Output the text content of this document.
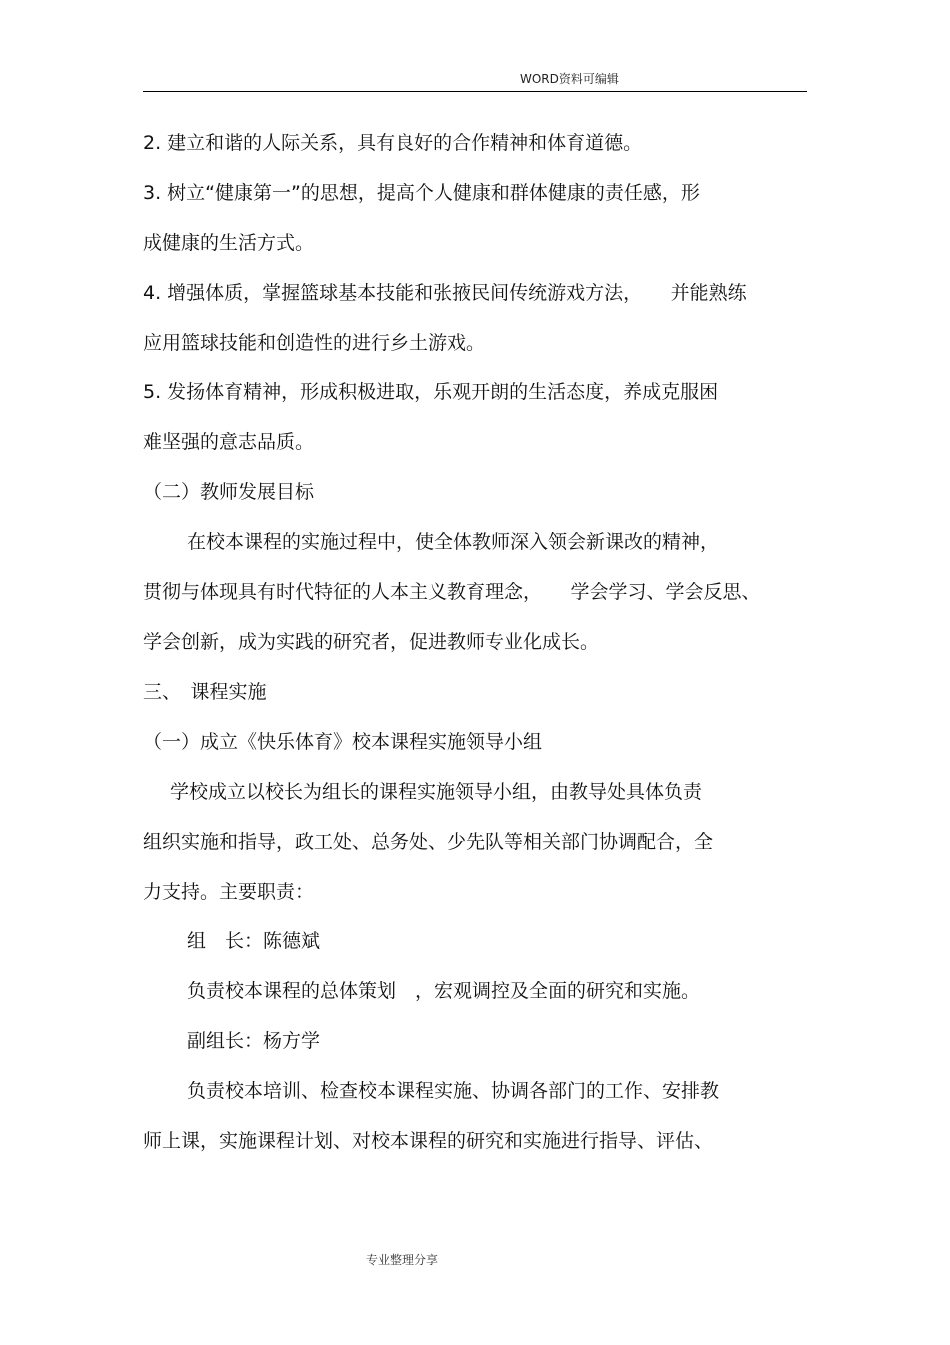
WORD资料可编辑
2. 建立和谐的人际关系，具有良好的合作精神和体育道德。
3. 树立“健康第一”的思想，提高个人健康和群体健康的责任感，形
成健康的生活方式。
4. 增强体质，掌握篮球基本技能和张掖民间传统游戏方法，　　并能熟练
应用篮球技能和创造性的进行乡土游戏。
5. 发扬体育精神，形成积极进取，乐观开朗的生活态度，养成克服困
难坚强的意志品质。
（二）教师发展目标
在校本课程的实施过程中，使全体教师深入领会新课改的精神，
贯彻与体现具有时代特征的人本主义教育理念，　　学会学习、学会反思、
学会创新，成为实践的研究者，促进教师专业化成长。
三、　课程实施
（一）成立《快乐体育》校本课程实施领导小组
学校成立以校长为组长的课程实施领导小组，由教导处具体负责
组织实施和指导，政工处、总务处、少先队等相关部门协调配合，全
力支持。主要职责：
组　长：陈德斌
负责校本课程的总体策划　，宏观调控及全面的研究和实施。
副组长：杨方学
负责校本培训、检查校本课程实施、协调各部门的工作、安排教
师上课，实施课程计划、对校本课程的研究和实施进行指导、评估、
专业整理分享
